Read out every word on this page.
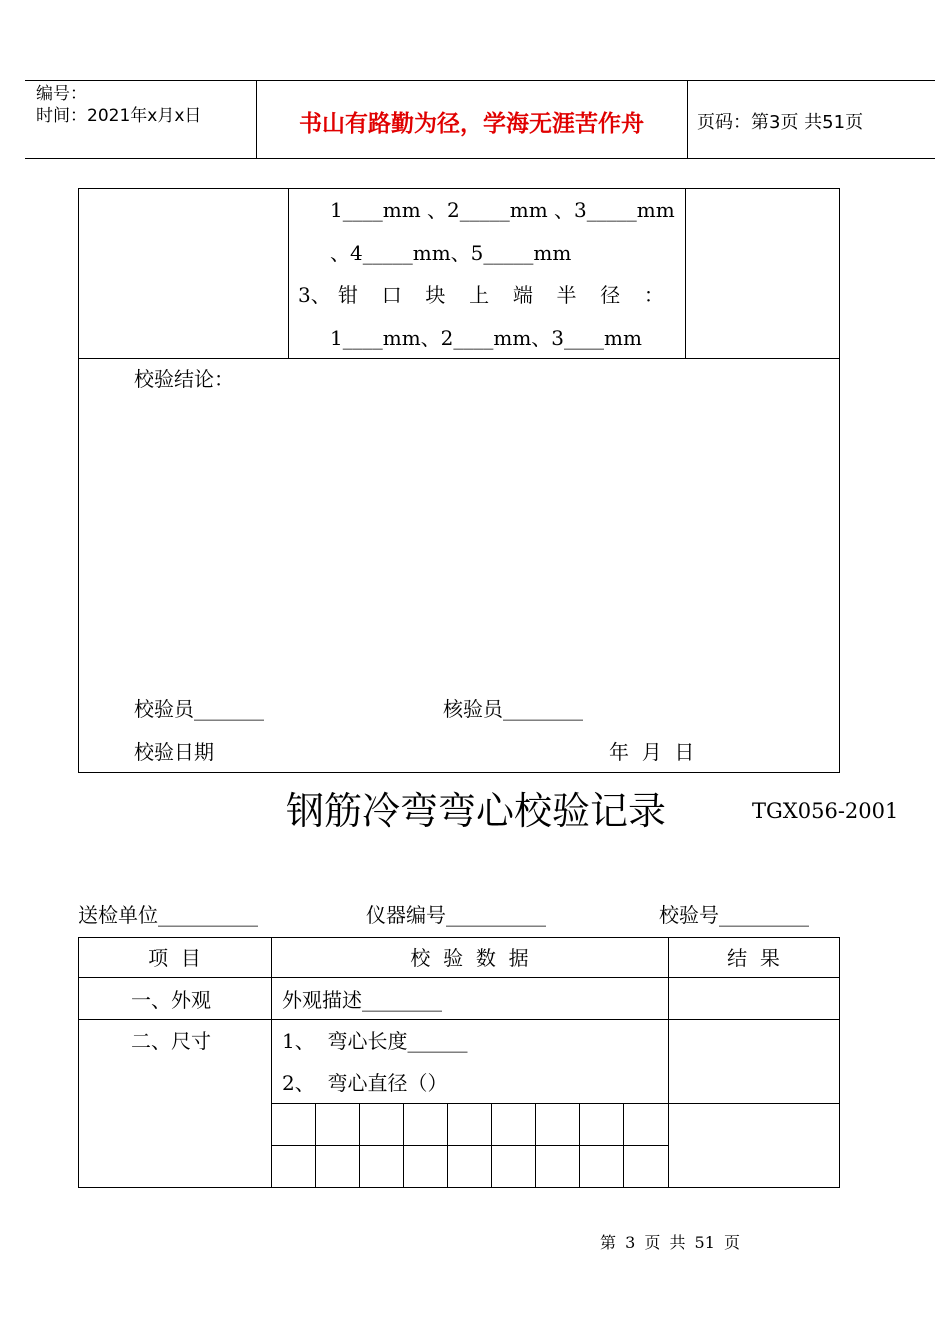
编号：
时间：2021年x月x日	书山有路勤为径，学海无涯苦作舟	页码：第3页 共51页
1____mm 、2_____mm 、3_____mm
、4_____mm、5_____mm
3、 钳 口 块 上 端 半 径 ：
1____mm、2____mm、3____mm
校验结论：
校验员_______	核验员________
校验日期	年  月  日
钢筋冷弯弯心校验记录	TGX056-2001
送检单位__________	仪器编号__________	校验号_________
项  目	校  验  数  据	结  果
一、外观	外观描述________
二、尺寸	1、  弯心长度______
2、  弯心直径（）
第 3 页 共 51 页
